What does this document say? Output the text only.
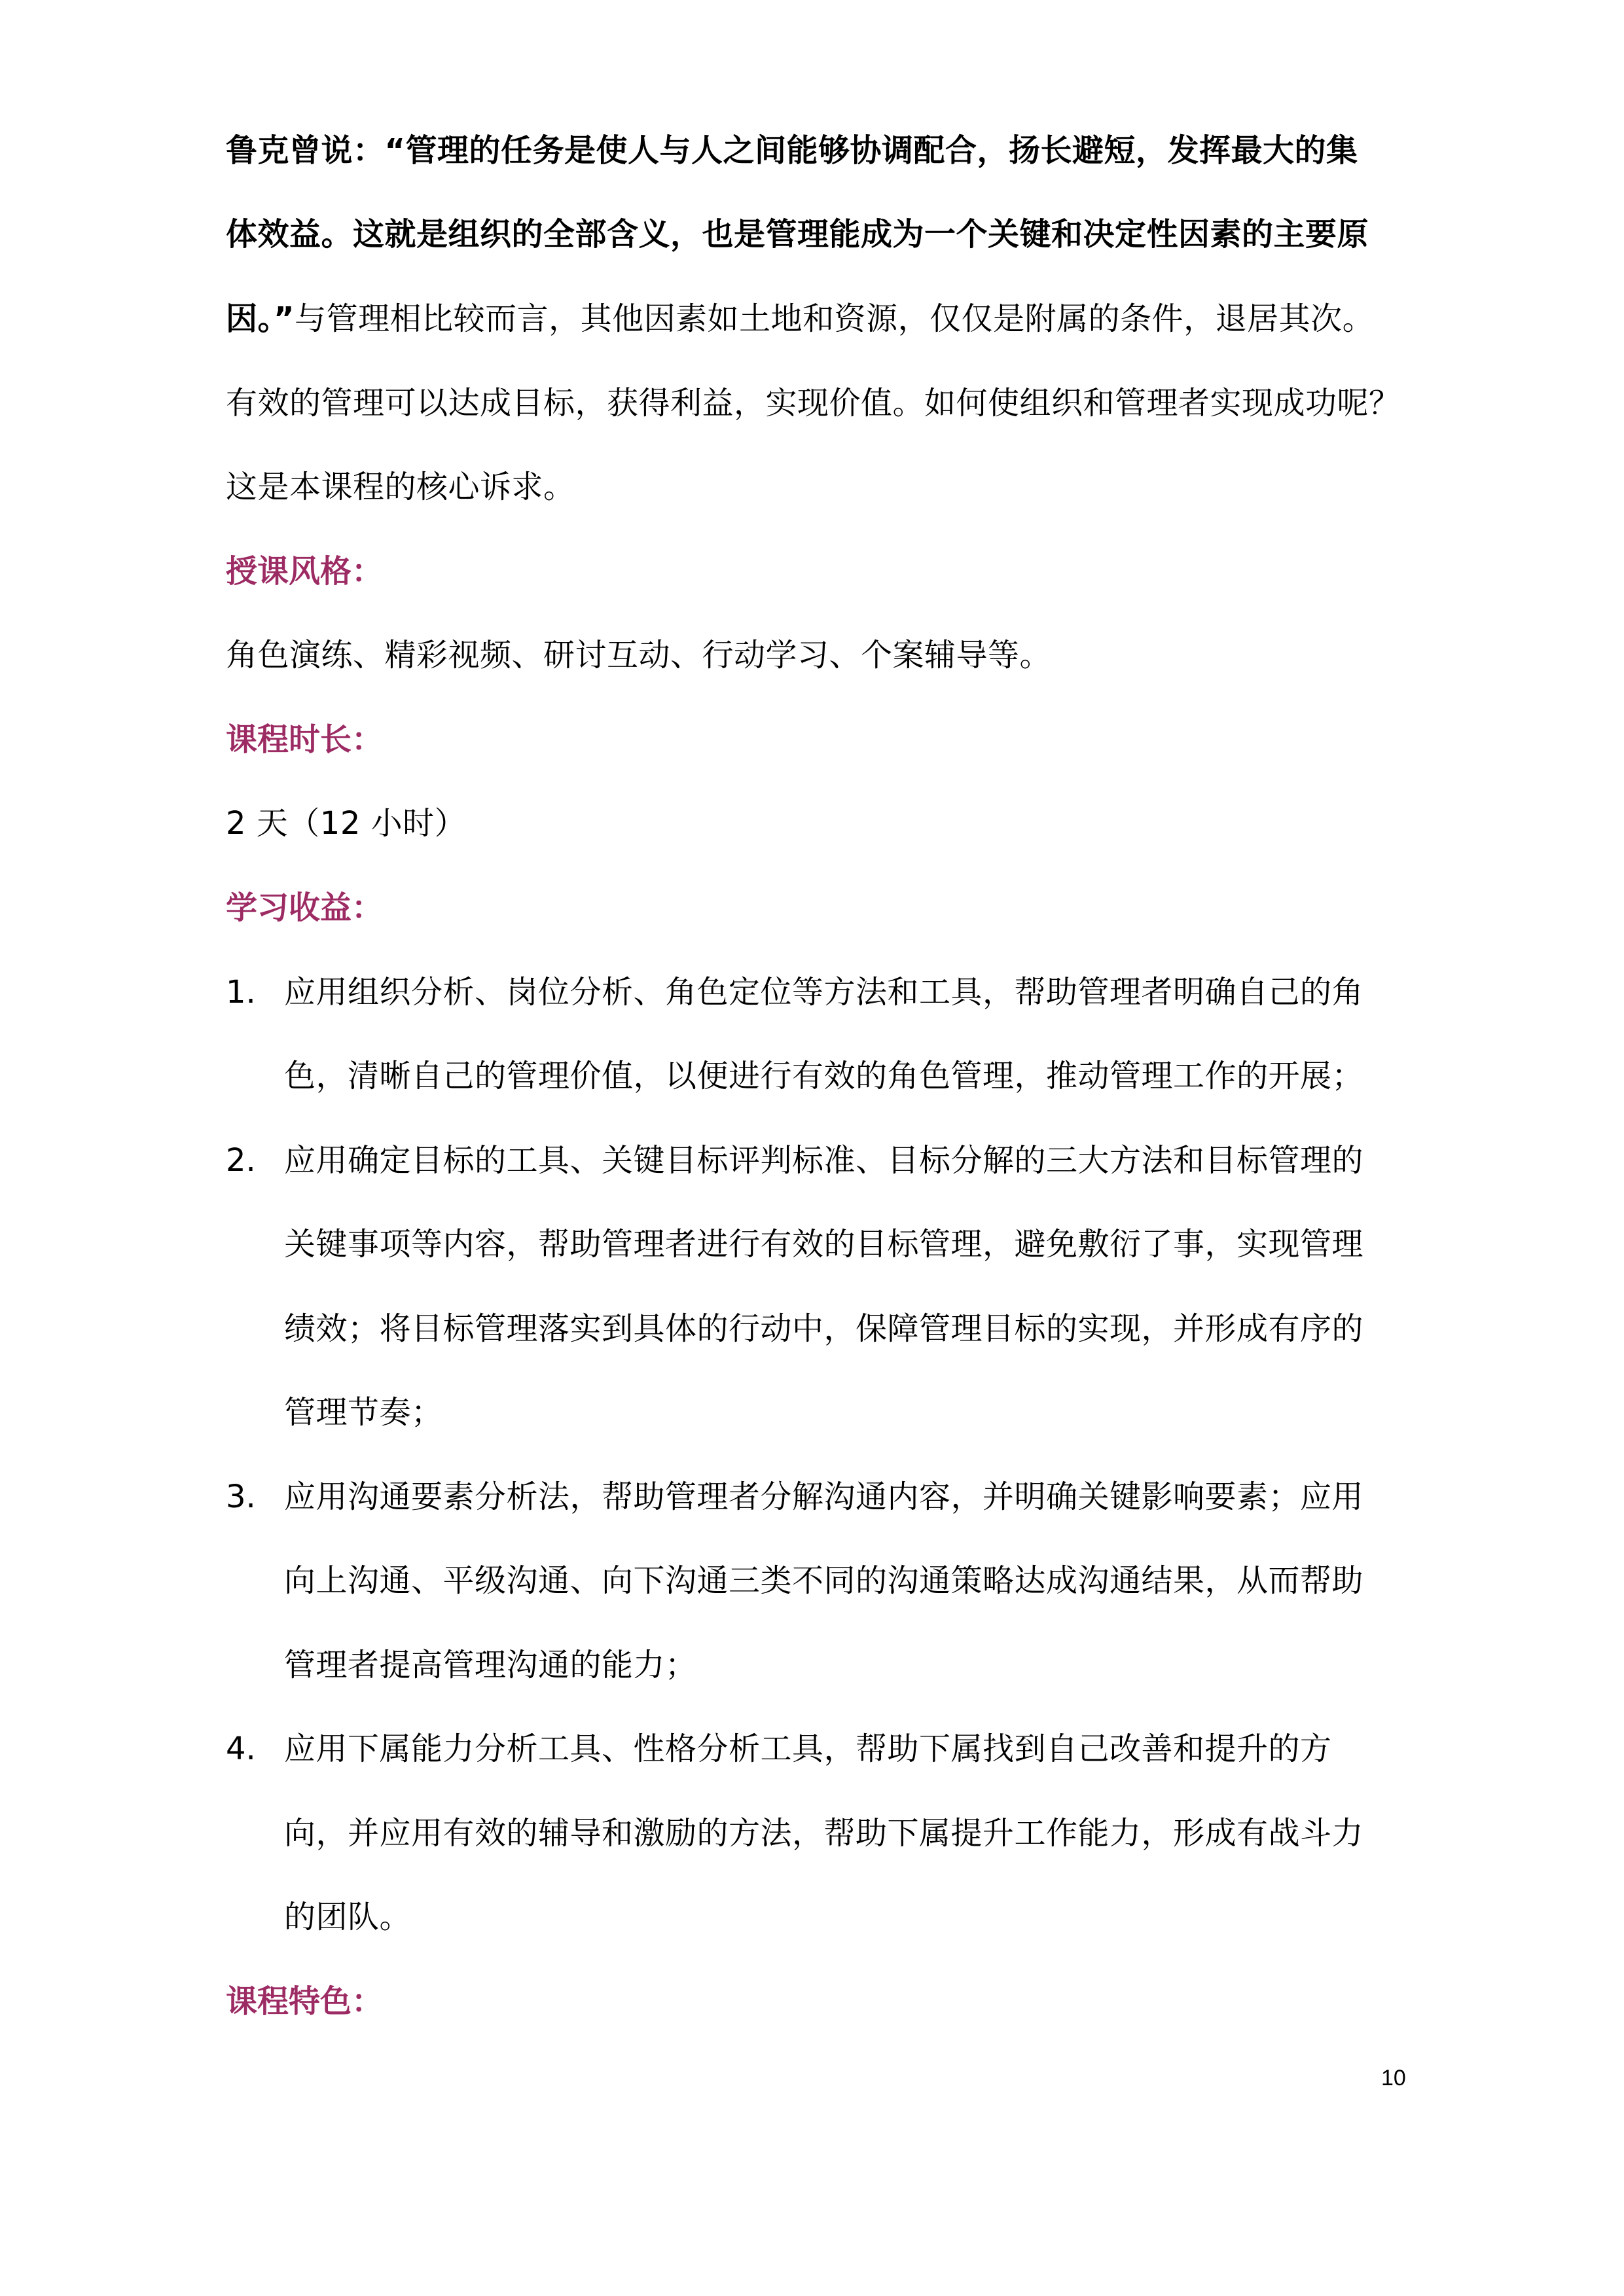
鲁克曾说：“管理的任务是使人与人之间能够协调配合，扬长避短，发挥最大的集
体效益。这就是组织的全部含义，也是管理能成为一个关键和决定性因素的主要原
因。”与管理相比较而言，其他因素如土地和资源，仅仅是附属的条件，退居其次。
有效的管理可以达成目标，获得利益，实现价值。如何使组织和管理者实现成功呢？
这是本课程的核心诉求。
授课风格：
角色演练、精彩视频、研讨互动、行动学习、个案辅导等。
课程时长：
2 天（12 小时）
学习收益：
1. 应用组织分析、岗位分析、角色定位等方法和工具，帮助管理者明确自己的角
色，清晰自己的管理价值，以便进行有效的角色管理，推动管理工作的开展；
2. 应用确定目标的工具、关键目标评判标准、目标分解的三大方法和目标管理的
关键事项等内容，帮助管理者进行有效的目标管理，避免敷衍了事，实现管理
绩效；将目标管理落实到具体的行动中，保障管理目标的实现，并形成有序的
管理节奏；
3. 应用沟通要素分析法，帮助管理者分解沟通内容，并明确关键影响要素；应用
向上沟通、平级沟通、向下沟通三类不同的沟通策略达成沟通结果，从而帮助
管理者提高管理沟通的能力；
4. 应用下属能力分析工具、性格分析工具，帮助下属找到自己改善和提升的方
向，并应用有效的辅导和激励的方法，帮助下属提升工作能力，形成有战斗力
的团队。
课程特色：
10
